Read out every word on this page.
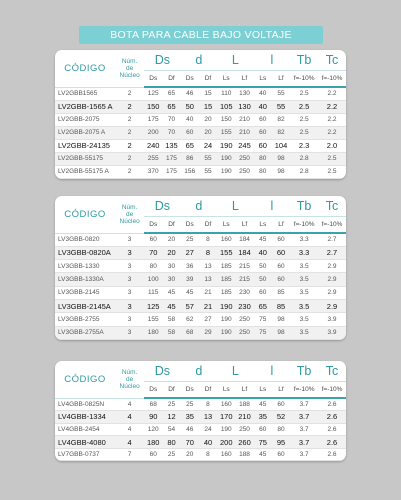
BOTA PARA CABLE BAJO VOLTAJE
CÓDIGO	Núm.
de
Núcleo	Ds		d		L		l		Tb	Tc
		Ds	Df	Ds	Df	Ls	Lf	Ls	Lf	f=-10%	f=-10%
LV2GBB1565	2	125	65	46	15	110	130	40	55	2.5	2.2
LV2GBB-1565 A	2	150	65	50	15	105	130	40	55	2.5	2.2
LV2GBB-2075	2	175	70	40	20	150	210	60	82	2.5	2.2
LV2GBB-2075 A	2	200	70	60	20	155	210	60	82	2.5	2.2
LV2GBB-24135	2	240	135	65	24	190	245	60	104	2.3	2.0
LV2GBB-55175	2	255	175	86	55	190	250	80	98	2.8	2.5
LV2GBB-55175 A	2	370	175	156	55	190	250	80	98	2.8	2.5
CÓDIGO	Núm.
de
Núcleo	Ds		d		L		l		Tb	Tc
		Ds	Df	Ds	Df	Ls	Lf	Ls	Lf	f=-10%	f=-10%
LV3GBB-0820	3	60	20	25	8	160	184	45	60	3.3	2.7
LV3GBB-0820A	3	70	20	27	8	155	184	40	60	3.3	2.7
LV3GBB-1330	3	80	30	36	13	185	215	50	60	3.5	2.9
LV3GBB-1330A	3	100	30	39	13	185	215	50	60	3.5	2.9
LV3GBB-2145	3	115	45	45	21	185	230	60	85	3.5	2.9
LV3GBB-2145A	3	125	45	57	21	190	230	65	85	3.5	2.9
LV3GBB-2755	3	155	58	62	27	190	250	75	98	3.5	3.9
LV3GBB-2755A	3	180	58	68	29	190	250	75	98	3.5	3.9
CÓDIGO	Núm.
de
Núcleo	Ds		d		L		l		Tb	Tc
		Ds	Df	Ds	Df	Ls	Lf	Ls	Lf	f=-10%	f=-10%
LV4GBB-0825N	4	68	25	25	8	160	188	45	60	3.7	2.6
LV4GBB-1334	4	90	12	35	13	170	210	35	52	3.7	2.6
LV4GBB-2454	4	120	54	46	24	190	250	60	80	3.7	2.6
LV4GBB-4080	4	180	80	70	40	200	260	75	95	3.7	2.6
LV7GBB-0737	7	60	25	20	8	160	188	45	60	3.7	2.6
